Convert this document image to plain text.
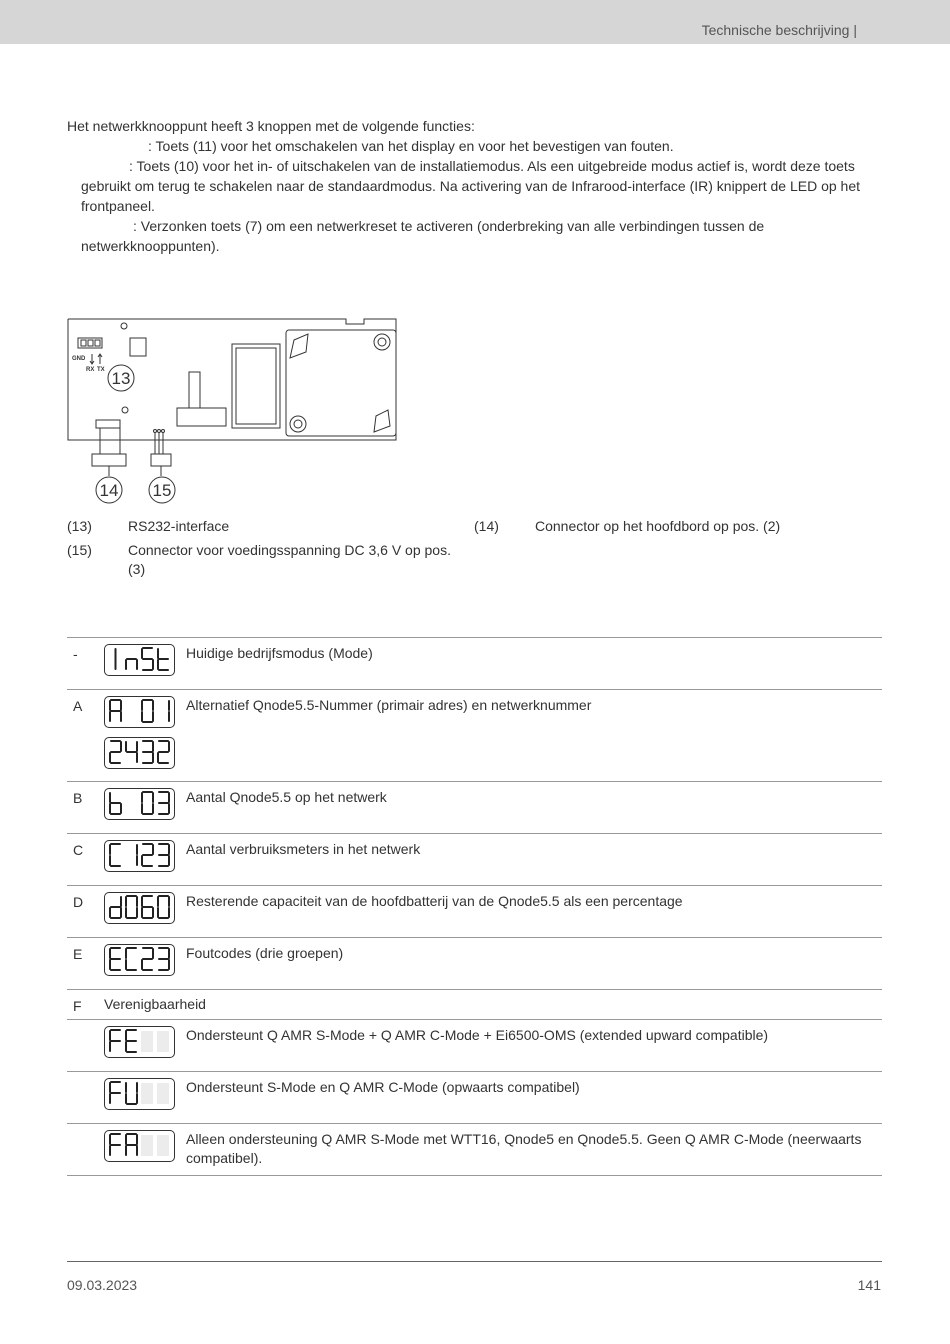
Technische beschrijving |

Het netwerkknooppunt heeft 3 knoppen met de volgende functies:

: Toets (11) voor het omschakelen van het display en voor het bevestigen van fouten.

: Toets (10) voor het in- of uitschakelen van de installatiemodus. Als een uitgebreide modus actief is, wordt deze toets gebruikt om terug te schakelen naar de standaardmodus. Na activering van de Infrarood-interface (IR) knippert de LED op het frontpaneel.

: Verzonken toets (7) om een netwerkreset te activeren (onderbreking van alle verbindingen tussen de netwerkknooppunten).

GND
RX TX 13
14 15
(13)	RS232-interface	(14)	Connector op het hoofdbord op pos. (2)
(15)	Connector voor voedingsspanning DC 3,6 V op pos. (3)
-	Huidige bedrijfsmodus (Mode)
A	Alternatief Qnode5.5-Nummer (primair adres) en netwerknummer
B	Aantal Qnode5.5 op het netwerk
C	Aantal verbruiksmeters in het netwerk
D	Resterende capaciteit van de hoofdbatterij van de Qnode5.5 als een percentage
E	Foutcodes (drie groepen)
F Verenigbaarheid
Ondersteunt Q AMR S-Mode + Q AMR C-Mode + Ei6500-OMS (extended upward compatible)
Ondersteunt S-Mode en Q AMR C-Mode (opwaarts compatibel)
Alleen ondersteuning Q AMR S-Mode met WTT16, Qnode5 en Qnode5.5. Geen Q AMR C-Mode (neerwaarts compatibel).
09.03.2023	141
